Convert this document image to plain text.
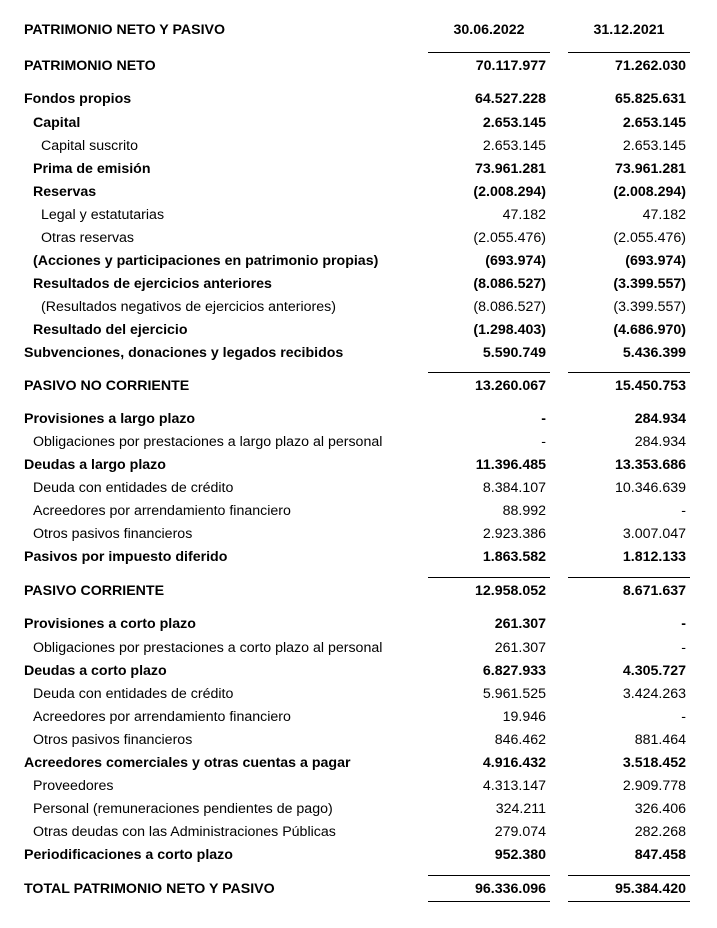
PATRIMONIO NETO Y PASIVO	30.06.2022	31.12.2021
PATRIMONIO NETO	70.117.977	71.262.030
Fondos propios	64.527.228	65.825.631
Capital	2.653.145	2.653.145
Capital suscrito	2.653.145	2.653.145
Prima de emisión	73.961.281	73.961.281
Reservas	(2.008.294)	(2.008.294)
Legal y estatutarias	47.182	47.182
Otras reservas	(2.055.476)	(2.055.476)
(Acciones y participaciones en patrimonio propias)	(693.974)	(693.974)
Resultados de ejercicios anteriores	(8.086.527)	(3.399.557)
(Resultados negativos de ejercicios anteriores)	(8.086.527)	(3.399.557)
Resultado del ejercicio	(1.298.403)	(4.686.970)
Subvenciones, donaciones y legados recibidos	5.590.749	5.436.399
PASIVO NO CORRIENTE	13.260.067	15.450.753
Provisiones a largo plazo	-	284.934
Obligaciones por prestaciones a largo plazo al personal	-	284.934
Deudas a largo plazo	11.396.485	13.353.686
Deuda con entidades de crédito	8.384.107	10.346.639
Acreedores por arrendamiento financiero	88.992	-
Otros pasivos financieros	2.923.386	3.007.047
Pasivos por impuesto diferido	1.863.582	1.812.133
PASIVO CORRIENTE	12.958.052	8.671.637
Provisiones a corto plazo	261.307	-
Obligaciones por prestaciones a corto plazo al personal	261.307	-
Deudas a corto plazo	6.827.933	4.305.727
Deuda con entidades de crédito	5.961.525	3.424.263
Acreedores por arrendamiento financiero	19.946	-
Otros pasivos financieros	846.462	881.464
Acreedores comerciales y otras cuentas a pagar	4.916.432	3.518.452
Proveedores	4.313.147	2.909.778
Personal (remuneraciones pendientes de pago)	324.211	326.406
Otras deudas con las Administraciones Públicas	279.074	282.268
Periodificaciones a corto plazo	952.380	847.458
TOTAL PATRIMONIO NETO Y PASIVO	96.336.096	95.384.420
